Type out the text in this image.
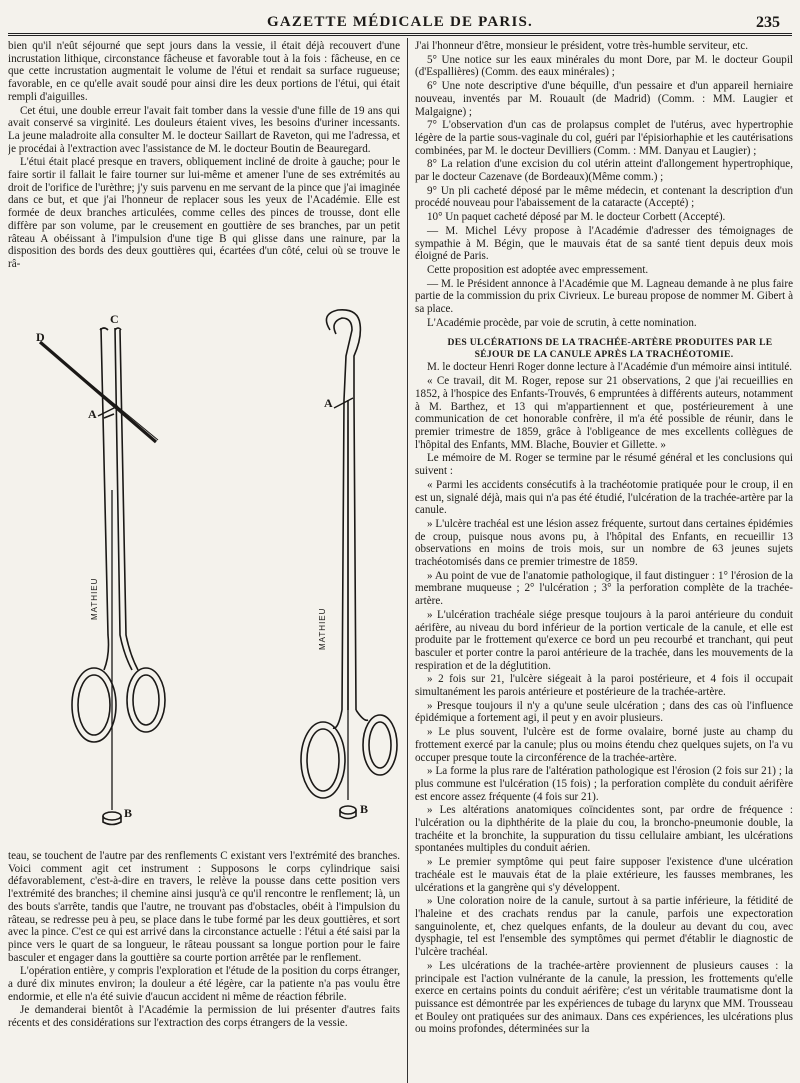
GAZETTE MÉDICALE DE PARIS.	235

bien qu'il n'eût séjourné que sept jours dans la vessie, il était déjà recouvert d'une incrustation lithique, circonstance fâcheuse et favorable tout à la fois : fâcheuse, en ce que cette incrustation augmentait le volume de l'étui et rendait sa surface rugueuse; favorable, en ce qu'elle avait soudé pour ainsi dire les deux portions de l'étui, qui était rempli d'aiguilles.

Cet étui, une double erreur l'avait fait tomber dans la vessie d'une fille de 19 ans qui avait conservé sa virginité. Les douleurs étaient vives, les besoins d'uriner incessants. La jeune maladroite alla consulter M. le docteur Saillart de Raveton, qui me l'adressa, et je procédai à l'extraction avec l'assistance de M. le docteur Boutin de Beauregard.

L'étui était placé presque en travers, obliquement incliné de droite à gauche; pour le faire sortir il fallait le faire tourner sur lui-même et amener l'une de ses extrémités au droit de l'orifice de l'urèthre; j'y suis parvenu en me servant de la pince que j'ai imaginée dans ce but, et que j'ai l'honneur de replacer sous les yeux de l'Académie. Elle est formée de deux branches articulées, comme celles des pinces de trousse, dont elle diffère par son volume, par le creusement en gouttière de ses branches, par un petit râteau A obéissant à l'impulsion d'une tige B qui glisse dans une rainure, par la disposition des bords des deux gouttières qui, écartées d'un côté, celui où se trouve le râ-

D
C
A
B
A
B
MATHIEU
MATHIEU

teau, se touchent de l'autre par des renflements C existant vers l'extrémité des branches. Voici comment agit cet instrument : Supposons le corps cylindrique saisi défavorablement, c'est-à-dire en travers, le relève la pousse dans cette position vers l'extrémité des branches; il chemine ainsi jusqu'à ce qu'il rencontre le renflement; là, un des bouts s'arrête, tandis que l'autre, ne trouvant pas d'obstacles, obéit à l'impulsion du râteau, se redresse peu à peu, se place dans le tube formé par les deux gouttières, et sort avec la pince. C'est ce qui est arrivé dans la circonstance actuelle : l'étui a été saisi par la pince vers le quart de sa longueur, le râteau poussant sa longue portion pour le faire basculer et engager dans la gouttière sa courte portion arrêtée par le renflement.

L'opération entière, y compris l'exploration et l'étude de la position du corps étranger, a duré dix minutes environ; la douleur a été légère, car la patiente n'a pas voulu être endormie, et elle n'a été suivie d'aucun accident ni même de réaction fébrile.

Je demanderai bientôt à l'Académie la permission de lui présenter d'autres faits récents et des considérations sur l'extraction des corps étrangers de la vessie.

J'ai l'honneur d'être, monsieur le président, votre très-humble serviteur, etc.

5° Une notice sur les eaux minérales du mont Dore, par M. le docteur Goupil (d'Espallières) (Comm. des eaux minérales) ;

6° Une note descriptive d'une béquille, d'un pessaire et d'un appareil herniaire nouveau, inventés par M. Rouault (de Madrid) (Comm. : MM. Laugier et Malgaigne) ;

7° L'observation d'un cas de prolapsus complet de l'utérus, avec hypertrophie légère de la partie sous-vaginale du col, guéri par l'épisiorhaphie et les cautérisations combinées, par M. le docteur Devilliers (Comm. : MM. Danyau et Laugier) ;

8° La relation d'une excision du col utérin atteint d'allongement hypertrophique, par le docteur Cazenave (de Bordeaux)(Même comm.) ;

9° Un pli cacheté déposé par le même médecin, et contenant la description d'un procédé nouveau pour l'abaissement de la cataracte (Accepté) ;

10° Un paquet cacheté déposé par M. le docteur Corbett (Accepté).

— M. Michel Lévy propose à l'Académie d'adresser des témoignages de sympathie à M. Bégin, que le mauvais état de sa santé tient depuis deux mois éloigné de Paris.

Cette proposition est adoptée avec empressement.

— M. le Président annonce à l'Académie que M. Lagneau demande à ne plus faire partie de la commission du prix Civrieux. Le bureau propose de nommer M. Gibert à sa place.

L'Académie procède, par voie de scrutin, à cette nomination.

DES ULCÉRATIONS DE LA TRACHÉE-ARTÈRE PRODUITES PAR LE SÉJOUR DE LA CANULE APRÈS LA TRACHÉOTOMIE.

M. le docteur Henri Roger donne lecture à l'Académie d'un mémoire ainsi intitulé.

« Ce travail, dit M. Roger, repose sur 21 observations, 2 que j'ai recueillies en 1852, à l'hospice des Enfants-Trouvés, 6 empruntées à différents auteurs, notamment à M. Barthez, et 13 qui m'appartiennent et que, postérieurement à une communication de cet honorable confrère, il m'a été possible de réunir, dans le premier trimestre de 1859, grâce à l'obligeance de mes excellents collègues de l'hôpital des Enfants, MM. Blache, Bouvier et Gillette. »

Le mémoire de M. Roger se termine par le résumé général et les conclusions qui suivent :

« Parmi les accidents consécutifs à la trachéotomie pratiquée pour le croup, il en est un, signalé déjà, mais qui n'a pas été étudié, l'ulcération de la trachée-artère par la canule.

» L'ulcère trachéal est une lésion assez fréquente, surtout dans certaines épidémies de croup, puisque nous avons pu, à l'hôpital des Enfants, en recueillir 13 observations en moins de trois mois, sur un nombre de 63 jeunes sujets trachéotomisés dans ce premier trimestre de 1859.

» Au point de vue de l'anatomie pathologique, il faut distinguer : 1° l'érosion de la membrane muqueuse ; 2° l'ulcération ; 3° la perforation complète de la trachée-artère.

» L'ulcération trachéale siége presque toujours à la paroi antérieure du conduit aérifère, au niveau du bord inférieur de la portion verticale de la canule, et elle est produite par le frottement qu'exerce ce bord un peu recourbé et tranchant, qui peut basculer et porter contre la paroi antérieure de la trachée, dans les mouvements de la respiration et de la déglutition.

» 2 fois sur 21, l'ulcère siégeait à la paroi postérieure, et 4 fois il occupait simultanément les parois antérieure et postérieure de la trachée-artère.

» Presque toujours il n'y a qu'une seule ulcération ; dans des cas où l'influence épidémique a fortement agi, il peut y en avoir plusieurs.

» Le plus souvent, l'ulcère est de forme ovalaire, borné juste au champ du frottement exercé par la canule; plus ou moins étendu chez quelques sujets, on l'a vu occuper presque toute la circonférence de la trachée-artère.

» La forme la plus rare de l'altération pathologique est l'érosion (2 fois sur 21) ; la plus commune est l'ulcération (15 fois) ; la perforation complète du conduit aérifère est encore assez fréquente (4 fois sur 21).

» Les altérations anatomiques coïncidentes sont, par ordre de fréquence : l'ulcération ou la diphthérite de la plaie du cou, la broncho-pneumonie double, la trachéite et la bronchite, la suppuration du tissu cellulaire ambiant, les ulcérations spontanées multiples du conduit aérien.

» Le premier symptôme qui peut faire supposer l'existence d'une ulcération trachéale est le mauvais état de la plaie extérieure, les fausses membranes, les ulcérations et la gangrène qui s'y développent.

» Une coloration noire de la canule, surtout à sa partie inférieure, la fétidité de l'haleine et des crachats rendus par la canule, parfois une expectoration sanguinolente, et, chez quelques enfants, de la douleur au devant du cou, avec dysphagie, tel est l'ensemble des symptômes qui permet d'établir le diagnostic de l'ulcère trachéal.

» Les ulcérations de la trachée-artère proviennent de plusieurs causes : la principale est l'action vulnérante de la canule, la pression, les frottements qu'elle exerce en certains points du conduit aérifère; c'est un véritable traumatisme dont la puissance est démontrée par les expériences de tubage du larynx que MM. Trousseau et Bouley ont pratiquées sur des animaux. Dans ces expériences, les ulcérations plus ou moins profondes, déterminées sur la
